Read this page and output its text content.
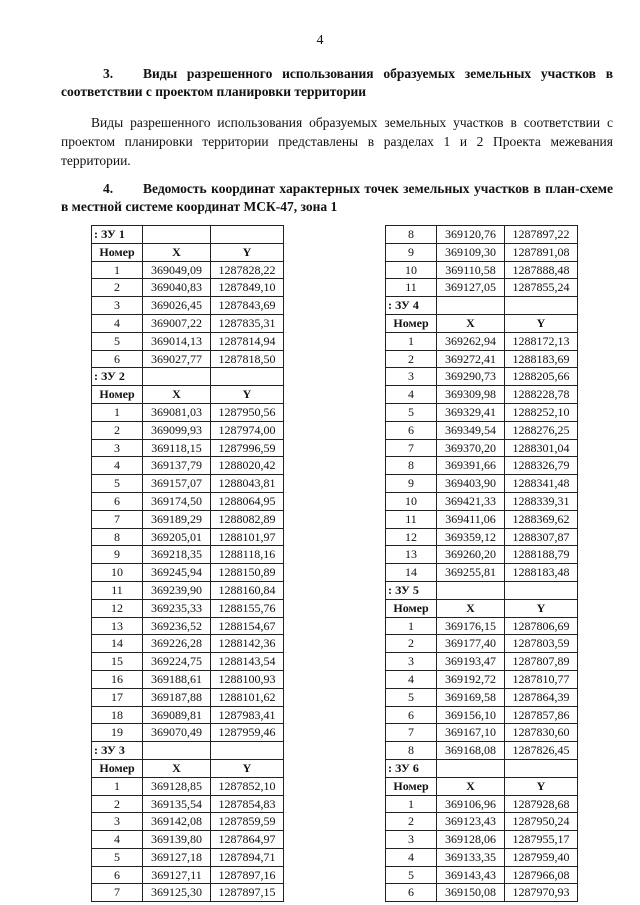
4
3. Виды разрешенного использования образуемых земельных участков в соответствии с проектом планировки территории
Виды разрешенного использования образуемых земельных участков в соответствии с проектом планировки территории представлены в разделах 1 и 2 Проекта межевания территории.
4. Ведомость координат характерных точек земельных участков в план-схеме в местной системе координат МСК-47, зона 1
: ЗУ 1		
Номер	X	Y
1	369049,09	1287828,22
2	369040,83	1287849,10
3	369026,45	1287843,69
4	369007,22	1287835,31
5	369014,13	1287814,94
6	369027,77	1287818,50
: ЗУ 2		
Номер	X	Y
1	369081,03	1287950,56
2	369099,93	1287974,00
3	369118,15	1287996,59
4	369137,79	1288020,42
5	369157,07	1288043,81
6	369174,50	1288064,95
7	369189,29	1288082,89
8	369205,01	1288101,97
9	369218,35	1288118,16
10	369245,94	1288150,89
11	369239,90	1288160,84
12	369235,33	1288155,76
13	369236,52	1288154,67
14	369226,28	1288142,36
15	369224,75	1288143,54
16	369188,61	1288100,93
17	369187,88	1288101,62
18	369089,81	1287983,41
19	369070,49	1287959,46
: ЗУ 3		
Номер	X	Y
1	369128,85	1287852,10
2	369135,54	1287854,83
3	369142,08	1287859,59
4	369139,80	1287864,97
5	369127,18	1287894,71
6	369127,11	1287897,16
7	369125,30	1287897,15
8	369120,76	1287897,22
9	369109,30	1287891,08
10	369110,58	1287888,48
11	369127,05	1287855,24
: ЗУ 4		
Номер	X	Y
1	369262,94	1288172,13
2	369272,41	1288183,69
3	369290,73	1288205,66
4	369309,98	1288228,78
5	369329,41	1288252,10
6	369349,54	1288276,25
7	369370,20	1288301,04
8	369391,66	1288326,79
9	369403,90	1288341,48
10	369421,33	1288339,31
11	369411,06	1288369,62
12	369359,12	1288307,87
13	369260,20	1288188,79
14	369255,81	1288183,48
: ЗУ 5		
Номер	X	Y
1	369176,15	1287806,69
2	369177,40	1287803,59
3	369193,47	1287807,89
4	369192,72	1287810,77
5	369169,58	1287864,39
6	369156,10	1287857,86
7	369167,10	1287830,60
8	369168,08	1287826,45
: ЗУ 6		
Номер	X	Y
1	369106,96	1287928,68
2	369123,43	1287950,24
3	369128,06	1287955,17
4	369133,35	1287959,40
5	369143,43	1287966,08
6	369150,08	1287970,93
